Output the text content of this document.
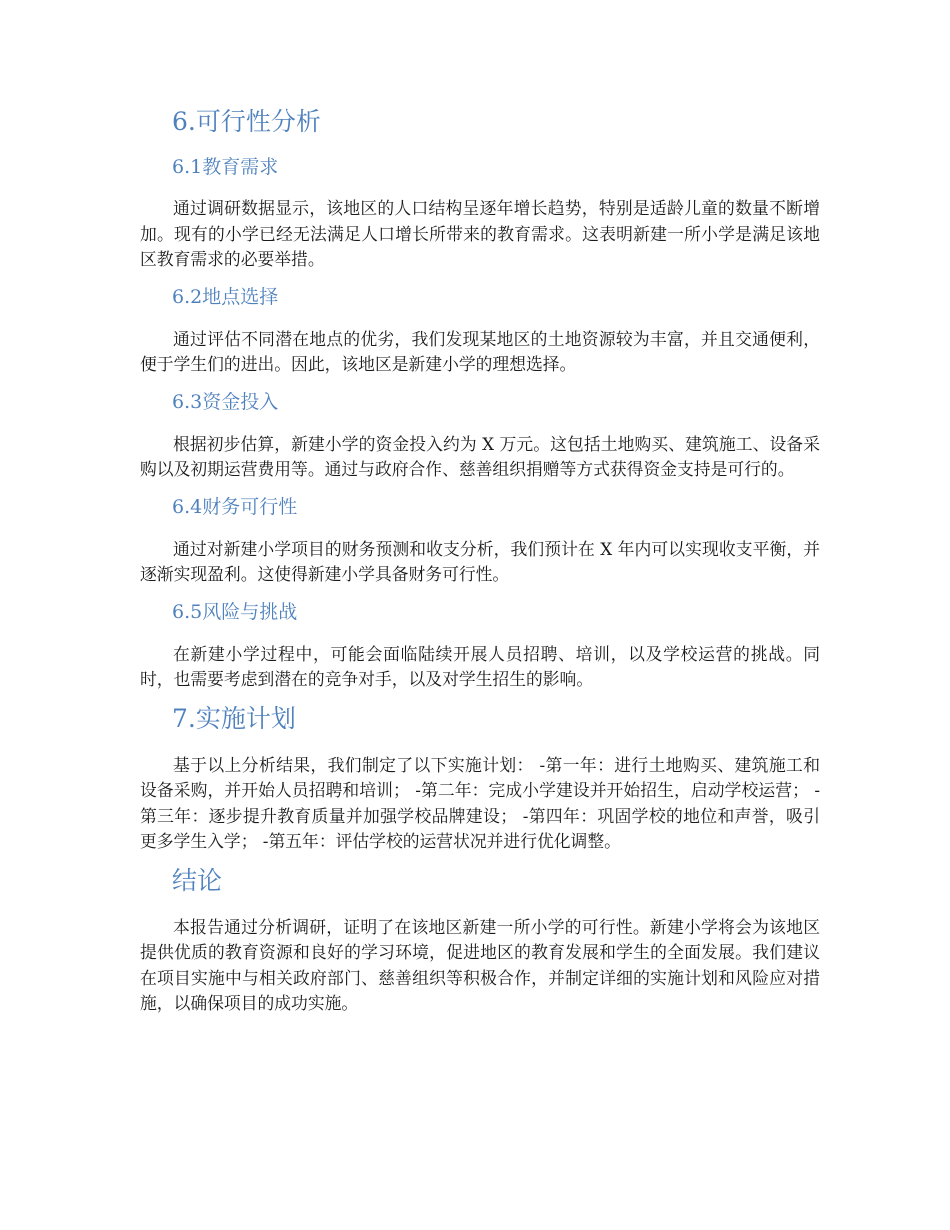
6.可行性分析
6.1教育需求

通过调研数据显示，该地区的人口结构呈逐年增长趋势，特别是适龄儿童的数量不断增加。现有的小学已经无法满足人口增长所带来的教育需求。这表明新建一所小学是满足该地区教育需求的必要举措。

6.2地点选择

通过评估不同潜在地点的优劣，我们发现某地区的土地资源较为丰富，并且交通便利，便于学生们的进出。因此，该地区是新建小学的理想选择。

6.3资金投入

根据初步估算，新建小学的资金投入约为 X 万元。这包括土地购买、建筑施工、设备采购以及初期运营费用等。通过与政府合作、慈善组织捐赠等方式获得资金支持是可行的。

6.4财务可行性

通过对新建小学项目的财务预测和收支分析，我们预计在 X 年内可以实现收支平衡，并逐渐实现盈利。这使得新建小学具备财务可行性。

6.5风险与挑战

在新建小学过程中，可能会面临陆续开展人员招聘、培训，以及学校运营的挑战。同时，也需要考虑到潜在的竞争对手，以及对学生招生的影响。

7.实施计划

基于以上分析结果，我们制定了以下实施计划： -第一年：进行土地购买、建筑施工和设备采购，并开始人员招聘和培训； -第二年：完成小学建设并开始招生，启动学校运营； -第三年：逐步提升教育质量并加强学校品牌建设； -第四年：巩固学校的地位和声誉，吸引更多学生入学； -第五年：评估学校的运营状况并进行优化调整。

结论

本报告通过分析调研，证明了在该地区新建一所小学的可行性。新建小学将会为该地区提供优质的教育资源和良好的学习环境，促进地区的教育发展和学生的全面发展。我们建议在项目实施中与相关政府部门、慈善组织等积极合作，并制定详细的实施计划和风险应对措施，以确保项目的成功实施。
